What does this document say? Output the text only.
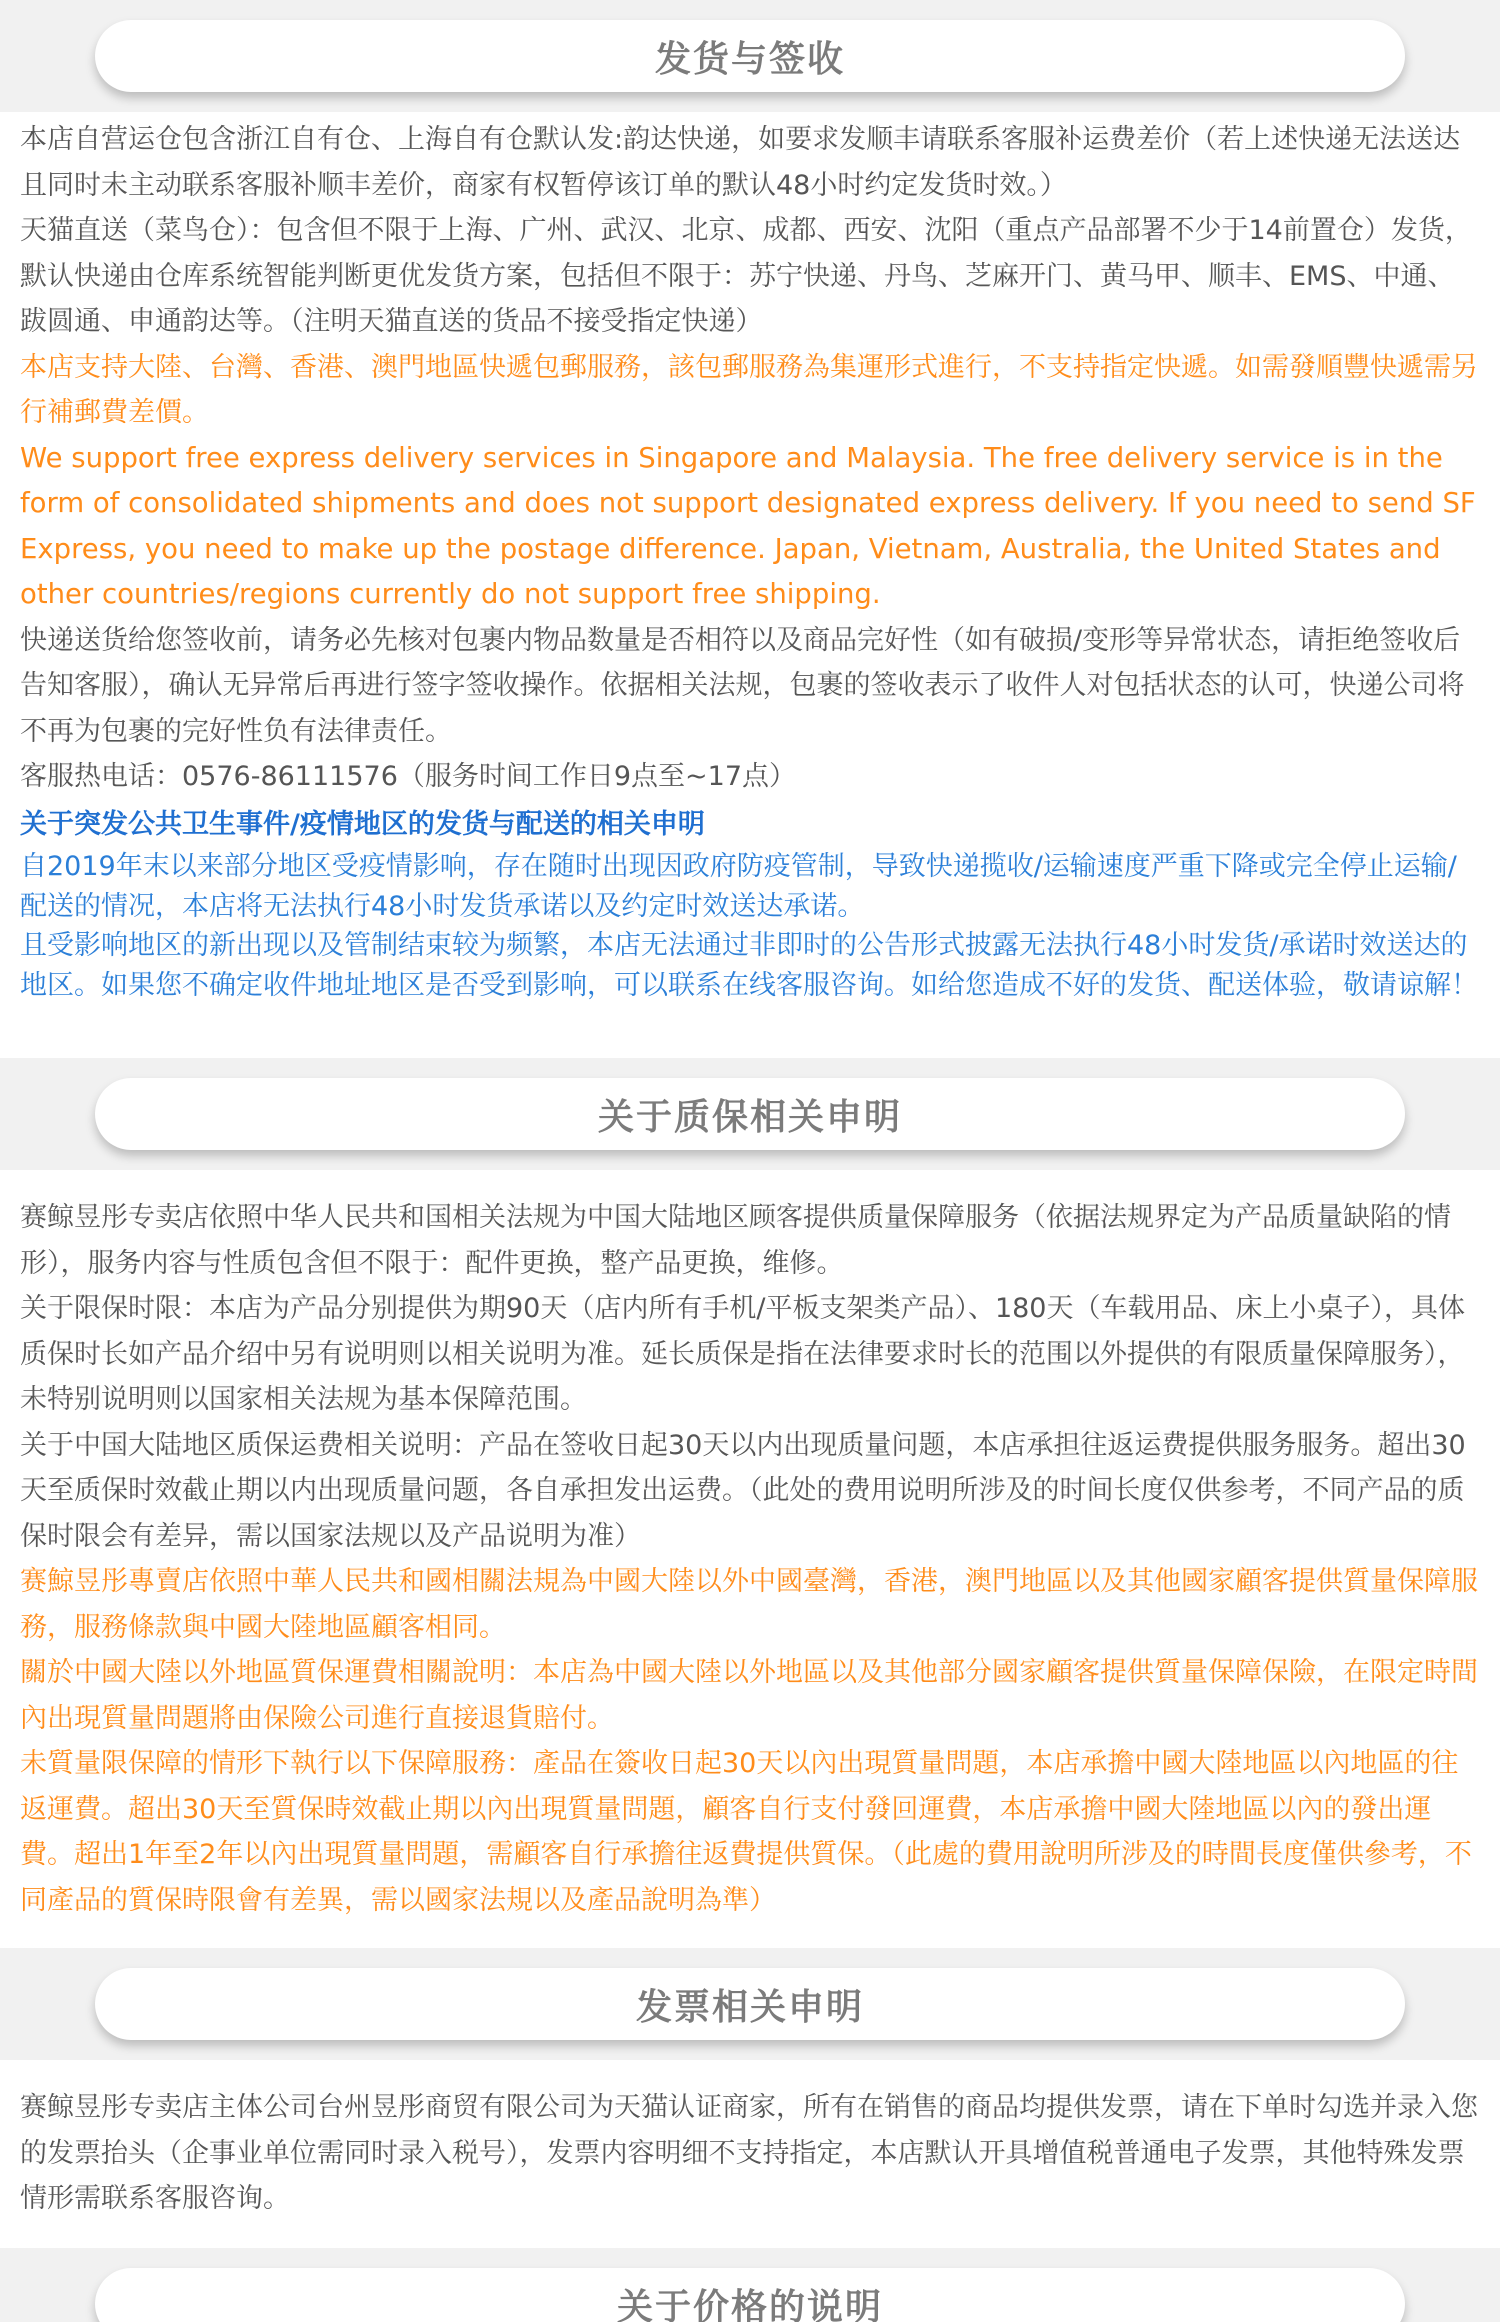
发货与签收

本店自营运仓包含浙江自有仓、上海自有仓默认发:韵达快递，如要求发顺丰请联系客服补运费差价（若上述快递无法送达且同时未主动联系客服补顺丰差价，商家有权暂停该订单的默认48小时约定发货时效。）

天猫直送（菜鸟仓）：包含但不限于上海、广州、武汉、北京、成都、西安、沈阳（重点产品部署不少于14前置仓）发货，默认快递由仓库系统智能判断更优发货方案，包括但不限于：苏宁快递、丹鸟、芝麻开门、黄马甲、顺丰、EMS、中通、跋圆通、申通韵达等。（注明天猫直送的货品不接受指定快递）

本店支持大陸、台灣、香港、澳門地區快遞包郵服務，該包郵服務為集運形式進行，不支持指定快遞。如需發順豐快遞需另行補郵費差價。

We support free express delivery services in Singapore and Malaysia. The free delivery service is in the form of consolidated shipments and does not support designated express delivery. If you need to send SF Express, you need to make up the postage difference. Japan, Vietnam, Australia, the United States and other countries/regions currently do not support free shipping.

快递送货给您签收前，请务必先核对包裹内物品数量是否相符以及商品完好性（如有破损/变形等异常状态，请拒绝签收后告知客服），确认无异常后再进行签字签收操作。依据相关法规，包裹的签收表示了收件人对包括状态的认可，快递公司将不再为包裹的完好性负有法律责任。

客服热电话：0576-86111576（服务时间工作日9点至~17点）

关于突发公共卫生事件/疫情地区的发货与配送的相关申明

自2019年末以来部分地区受疫情影响，存在随时出现因政府防疫管制，导致快递揽收/运输速度严重下降或完全停止运输/配送的情况，本店将无法执行48小时发货承诺以及约定时效送达承诺。

且受影响地区的新出现以及管制结束较为频繁，本店无法通过非即时的公告形式披露无法执行48小时发货/承诺时效送达的地区。如果您不确定收件地址地区是否受到影响，可以联系在线客服咨询。如给您造成不好的发货、配送体验，敬请谅解！

关于质保相关申明

赛鲸昱彤专卖店依照中华人民共和国相关法规为中国大陆地区顾客提供质量保障服务（依据法规界定为产品质量缺陷的情形），服务内容与性质包含但不限于：配件更换，整产品更换，维修。

关于限保时限：本店为产品分别提供为期90天（店内所有手机/平板支架类产品）、180天（车载用品、床上小桌子），具体质保时长如产品介绍中另有说明则以相关说明为准。延长质保是指在法律要求时长的范围以外提供的有限质量保障服务），未特别说明则以国家相关法规为基本保障范围。

关于中国大陆地区质保运费相关说明：产品在签收日起30天以内出现质量问题，本店承担往返运费提供服务服务。超出30天至质保时效截止期以内出现质量问题，各自承担发出运费。（此处的费用说明所涉及的时间长度仅供参考，不同产品的质保时限会有差异，需以国家法规以及产品说明为准）

赛鯨昱彤專賣店依照中華人民共和國相關法規為中國大陸以外中國臺灣，香港，澳門地區以及其他國家顧客提供質量保障服務，服務條款與中國大陸地區顧客相同。

關於中國大陸以外地區質保運費相關說明：本店為中國大陸以外地區以及其他部分國家顧客提供質量保障保險，在限定時間內出現質量問題將由保險公司進行直接退貨賠付。

未質量限保障的情形下執行以下保障服務：產品在簽收日起30天以內出現質量問題，本店承擔中國大陸地區以內地區的往返運費。超出30天至質保時效截止期以內出現質量問題，顧客自行支付發回運費，本店承擔中國大陸地區以內的發出運費。超出1年至2年以內出現質量問題，需顧客自行承擔往返費提供質保。（此處的費用說明所涉及的時間長度僅供參考，不同產品的質保時限會有差異，需以國家法規以及產品說明為準）

发票相关申明

赛鲸昱彤专卖店主体公司台州昱彤商贸有限公司为天猫认证商家，所有在销售的商品均提供发票，请在下单时勾选并录入您的发票抬头（企事业单位需同时录入税号），发票内容明细不支持指定，本店默认开具增值税普通电子发票，其他特殊发票情形需联系客服咨询。

关于价格的说明
